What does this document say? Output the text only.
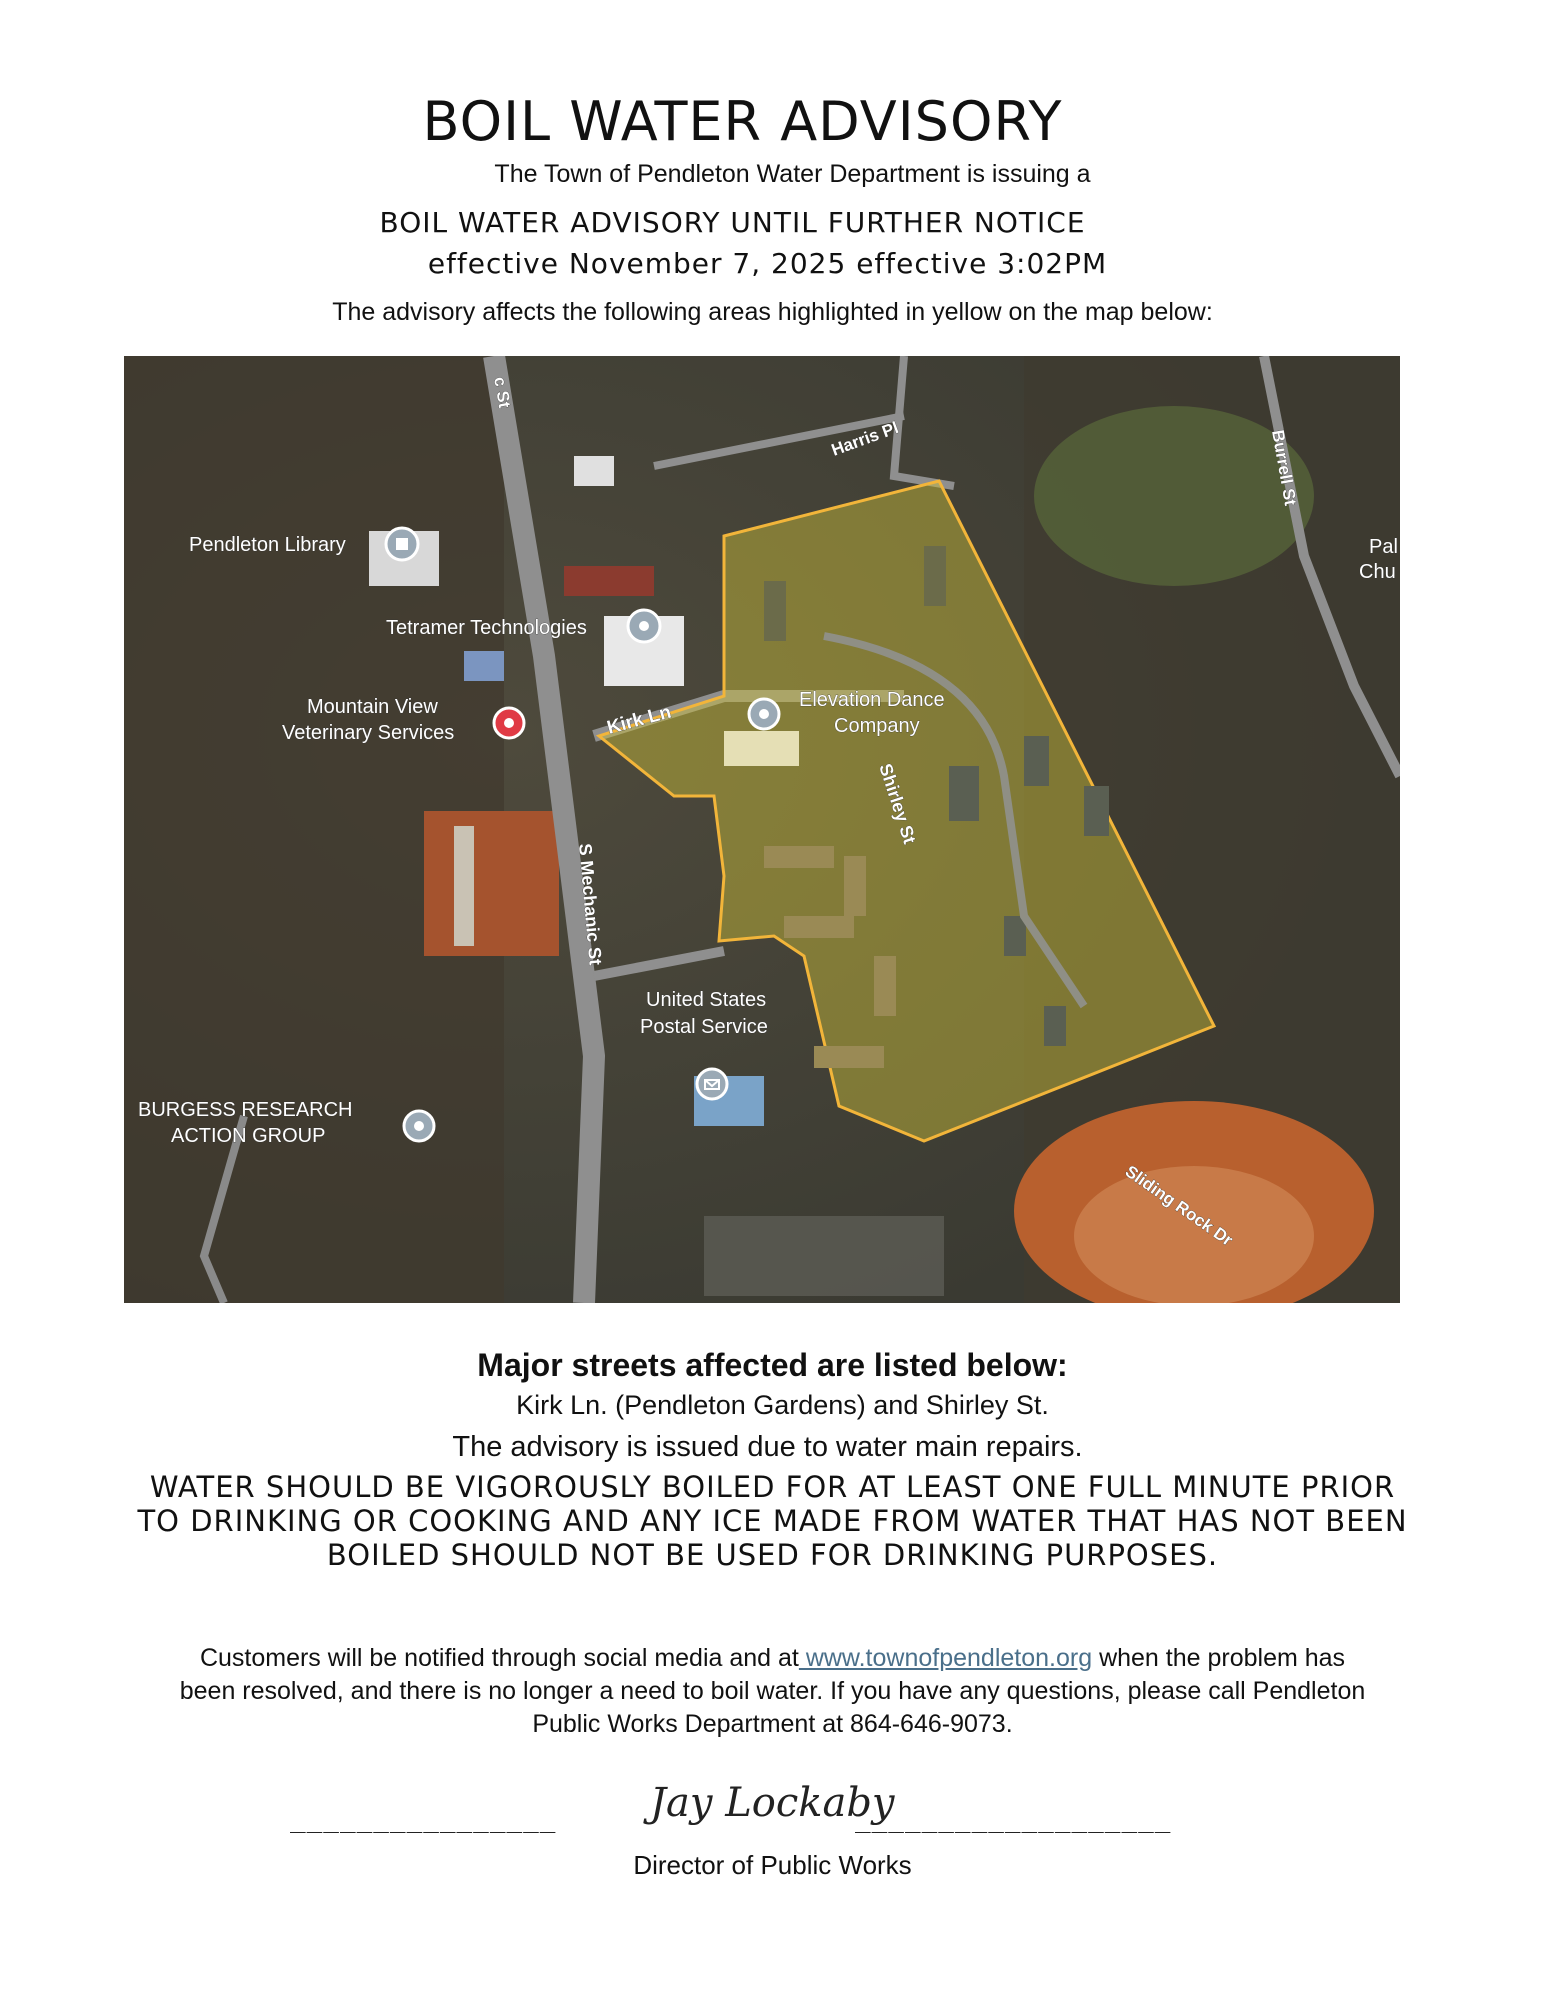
BOIL WATER ADVISORY
The Town of Pendleton Water Department is issuing a
BOIL WATER ADVISORY UNTIL FURTHER NOTICE
effective November 7, 2025 effective 3:02PM
The advisory affects the following areas highlighted in yellow on the map below:
c St
Harris Pl	Burrell St
Pal
Chu
Pendleton Library
Tetramer Technologies
Mountain View
Veterinary Services	Kirk Ln
Elevation Dance
Company
Shirley St
S Mechanic St
United States
Postal Service
BURGESS RESEARCH
ACTION GROUP
Sliding Rock Dr
Major streets affected are listed below:
Kirk Ln. (Pendleton Gardens) and Shirley St.
The advisory is issued due to water main repairs.
WATER SHOULD BE VIGOROUSLY BOILED FOR AT LEAST ONE FULL MINUTE PRIOR
TO DRINKING OR COOKING AND ANY ICE MADE FROM WATER THAT HAS NOT BEEN
BOILED SHOULD NOT BE USED FOR DRINKING PURPOSES.
Customers will be notified through social media and at www.townofpendleton.org when the problem has
been resolved, and there is no longer a need to boil water. If you have any questions, please call Pendleton
Public Works Department at 864-646-9073.
________________ Jay Lockaby
___________________
Director of Public Works
